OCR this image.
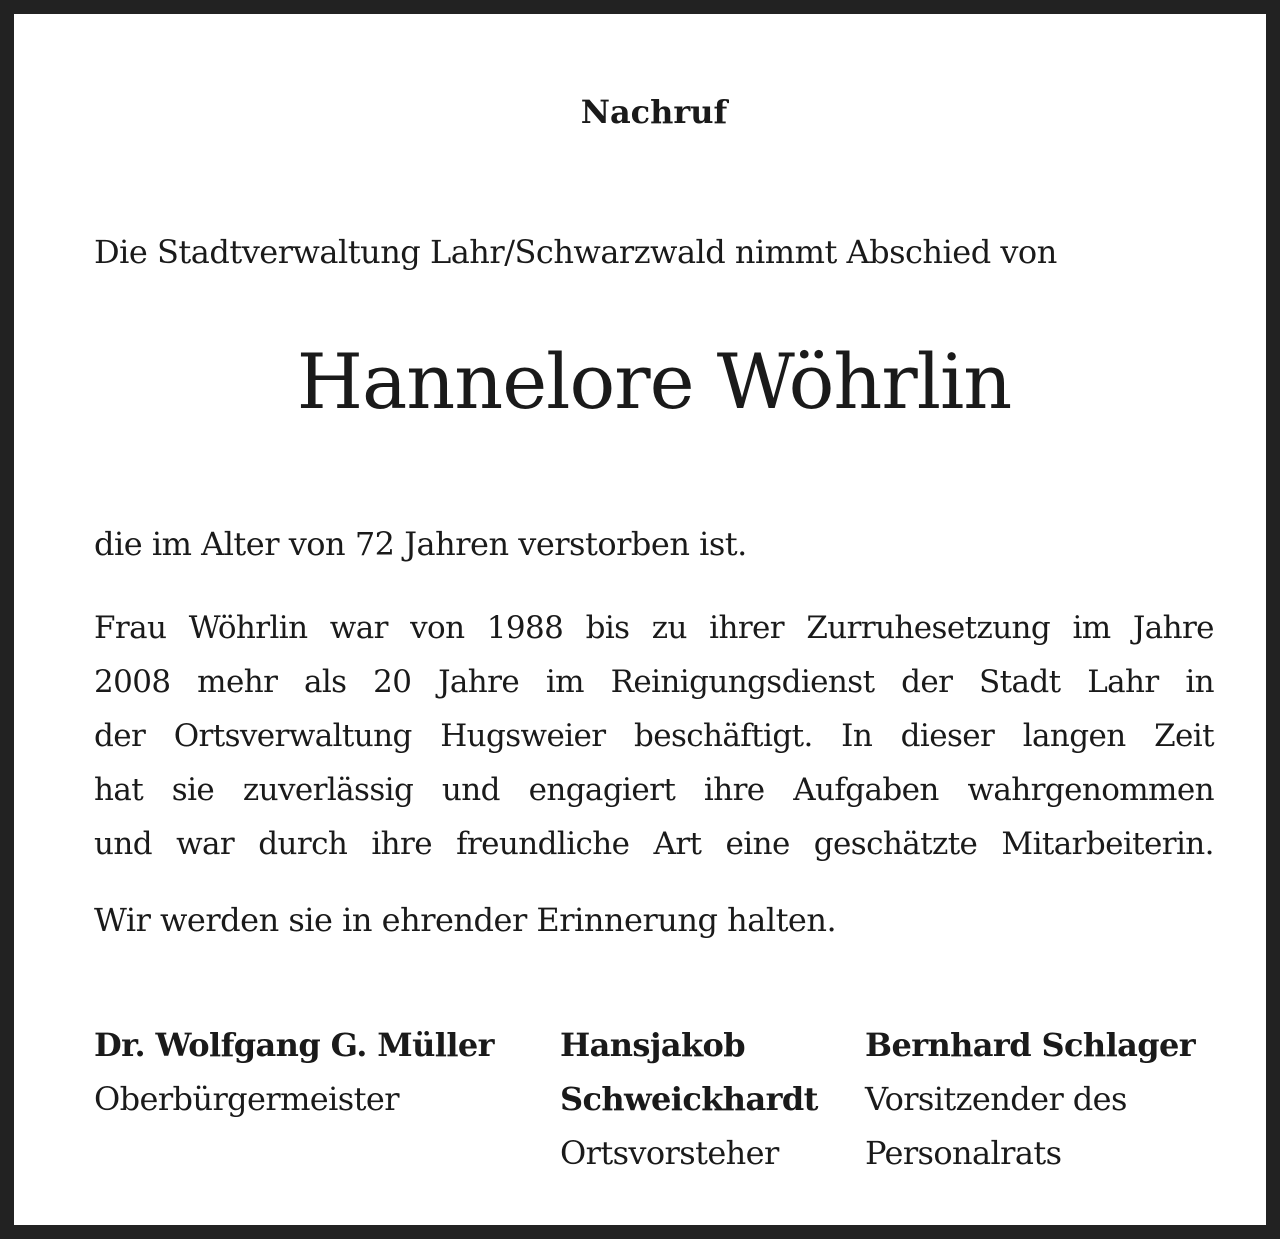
Nachruf
Die Stadtverwaltung Lahr/Schwarzwald nimmt Abschied von
Hannelore Wöhrlin
die im Alter von 72 Jahren verstorben ist.
Frau Wöhrlin war von 1988 bis zu ihrer Zurruhesetzung im Jahre
2008 mehr als 20 Jahre im Reinigungsdienst der Stadt Lahr in
der Ortsverwaltung Hugsweier beschäftigt. In dieser langen Zeit
hat sie zuverlässig und engagiert ihre Aufgaben wahrgenommen
und war durch ihre freundliche Art eine geschätzte Mitarbeiterin.
Wir werden sie in ehrender Erinnerung halten.
Dr. Wolfgang G. Müller
Oberbürgermeister
Hansjakob
Schweickhardt
Ortsvorsteher
Bernhard Schlager
Vorsitzender des
Personalrats
